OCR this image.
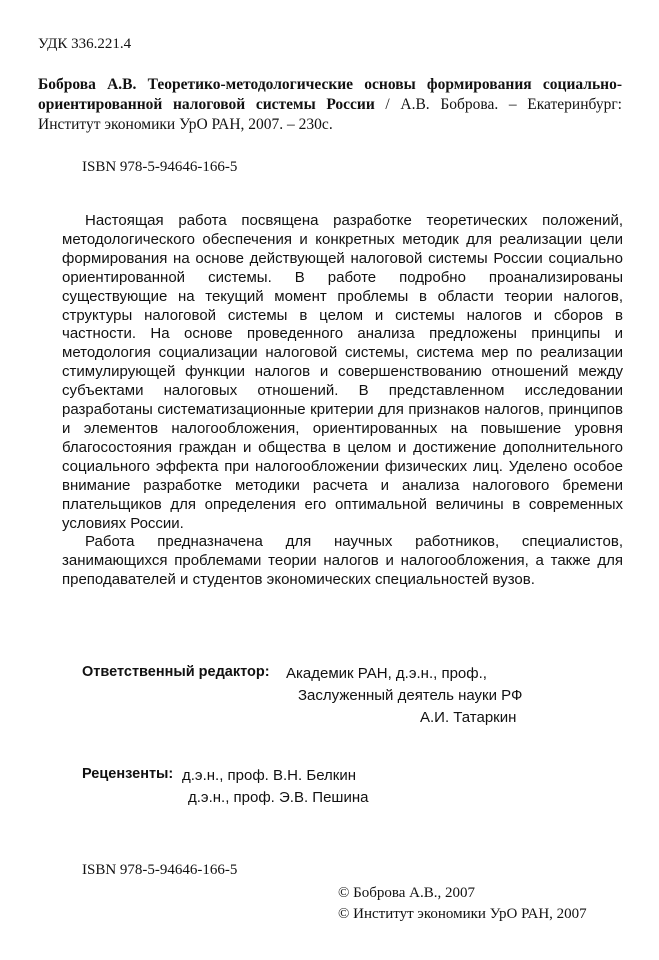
УДК 336.221.4
Боброва А.В. Теоретико-методологические основы формирования социально-ориентированной налоговой системы России / А.В. Боброва. – Екатеринбург: Институт экономики УрО РАН, 2007. – 230с.
ISBN 978-5-94646-166-5

Настоящая работа посвящена разработке теоретических положений, методологического обеспечения и конкретных методик для реализации цели формирования на основе действующей налоговой системы России социально ориентированной системы. В работе подробно проанализированы существующие на текущий момент проблемы в области теории налогов, структуры налоговой системы в целом и системы налогов и сборов в частности. На основе проведенного анализа предложены принципы и методология социализации налоговой системы, система мер по реализации стимулирующей функции налогов и совершенствованию отношений между субъектами налоговых отношений. В представленном исследовании разработаны систематизационные критерии для признаков налогов, принципов и элементов налогообложения, ориентированных на повышение уровня благосостояния граждан и общества в целом и достижение дополнительного социального эффекта при налогообложении физических лиц. Уделено особое внимание разработке методики расчета и анализа налогового бремени плательщиков для определения его оптимальной величины в современных условиях России.

Работа предназначена для научных работников, специалистов, занимающихся проблемами теории налогов и налогообложения, а также для преподавателей и студентов экономических специальностей вузов.

Ответственный редактор: Академик РАН, д.э.н., проф.,
Заслуженный деятель науки РФ
А.И. Татаркин
Рецензенты: д.э.н., проф. В.Н. Белкин
д.э.н., проф. Э.В. Пешина
ISBN 978-5-94646-166-5
© Боброва А.В., 2007
© Институт экономики УрО РАН, 2007
